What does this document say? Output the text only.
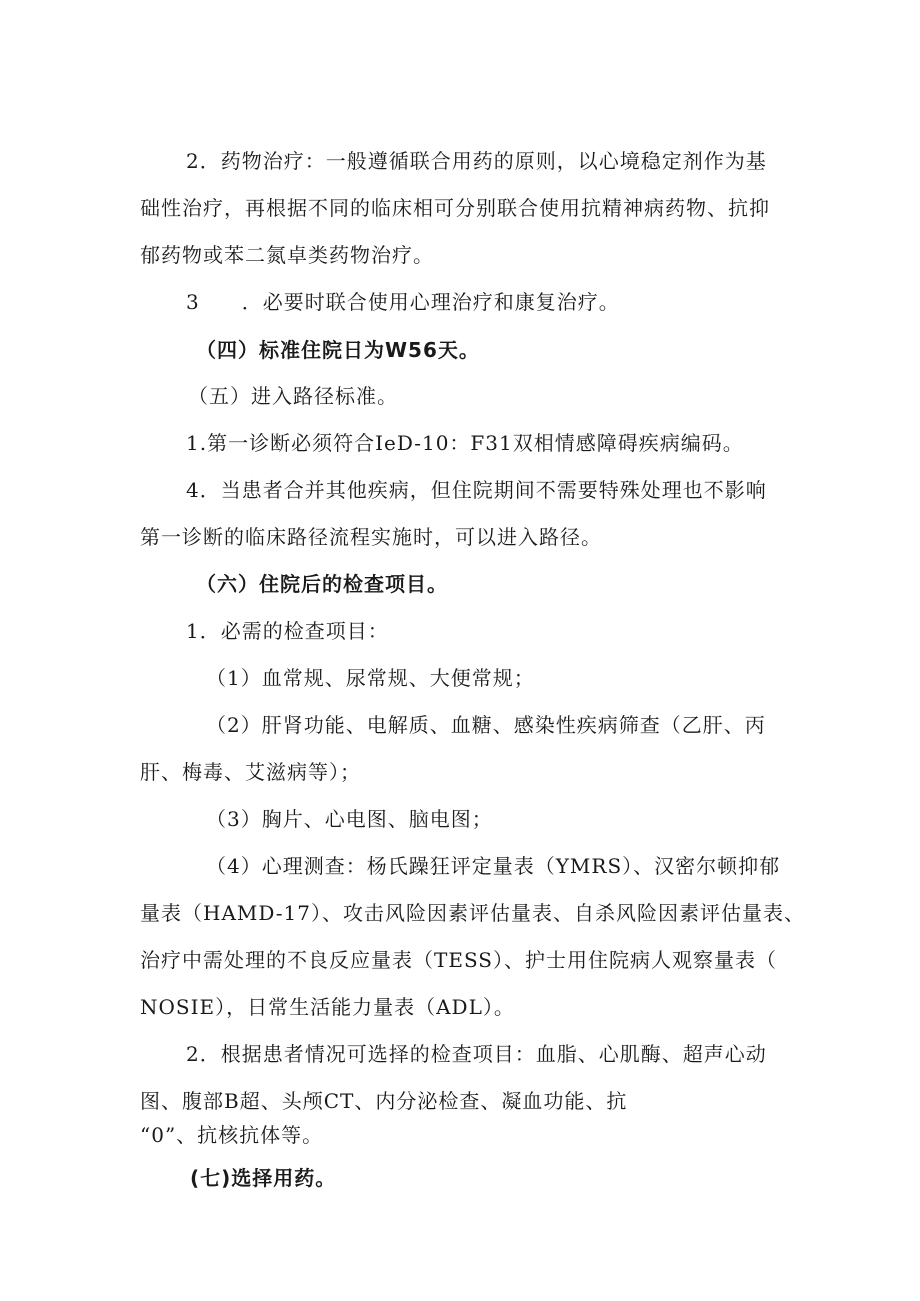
2．药物治疗：一般遵循联合用药的原则，以心境稳定剂作为基
础性治疗，再根据不同的临床相可分别联合使用抗精神病药物、抗抑
郁药物或苯二氮卓类药物治疗。
3　　．必要时联合使用心理治疗和康复治疗。
（四）标准住院日为W56天。
（五）进入路径标准。
1.第一诊断必须符合IeD-10：F31双相情感障碍疾病编码。
4．当患者合并其他疾病，但住院期间不需要特殊处理也不影响
第一诊断的临床路径流程实施时，可以进入路径。
（六）住院后的检查项目。
1．必需的检查项目：
（1）血常规、尿常规、大便常规；
（2）肝肾功能、电解质、血糖、感染性疾病筛查（乙肝、丙
肝、梅毒、艾滋病等）；
（3）胸片、心电图、脑电图；
（4）心理测查：杨氏躁狂评定量表（YMRS）、汉密尔顿抑郁
量表（HAMD-17）、攻击风险因素评估量表、自杀风险因素评估量表、
治疗中需处理的不良反应量表（TESS）、护士用住院病人观察量表（
NOSIE），日常生活能力量表（ADL）。
2．根据患者情况可选择的检查项目：血脂、心肌酶、超声心动
图、腹部B超、头颅CT、内分泌检查、凝血功能、抗
“0”、抗核抗体等。
(七)选择用药。
